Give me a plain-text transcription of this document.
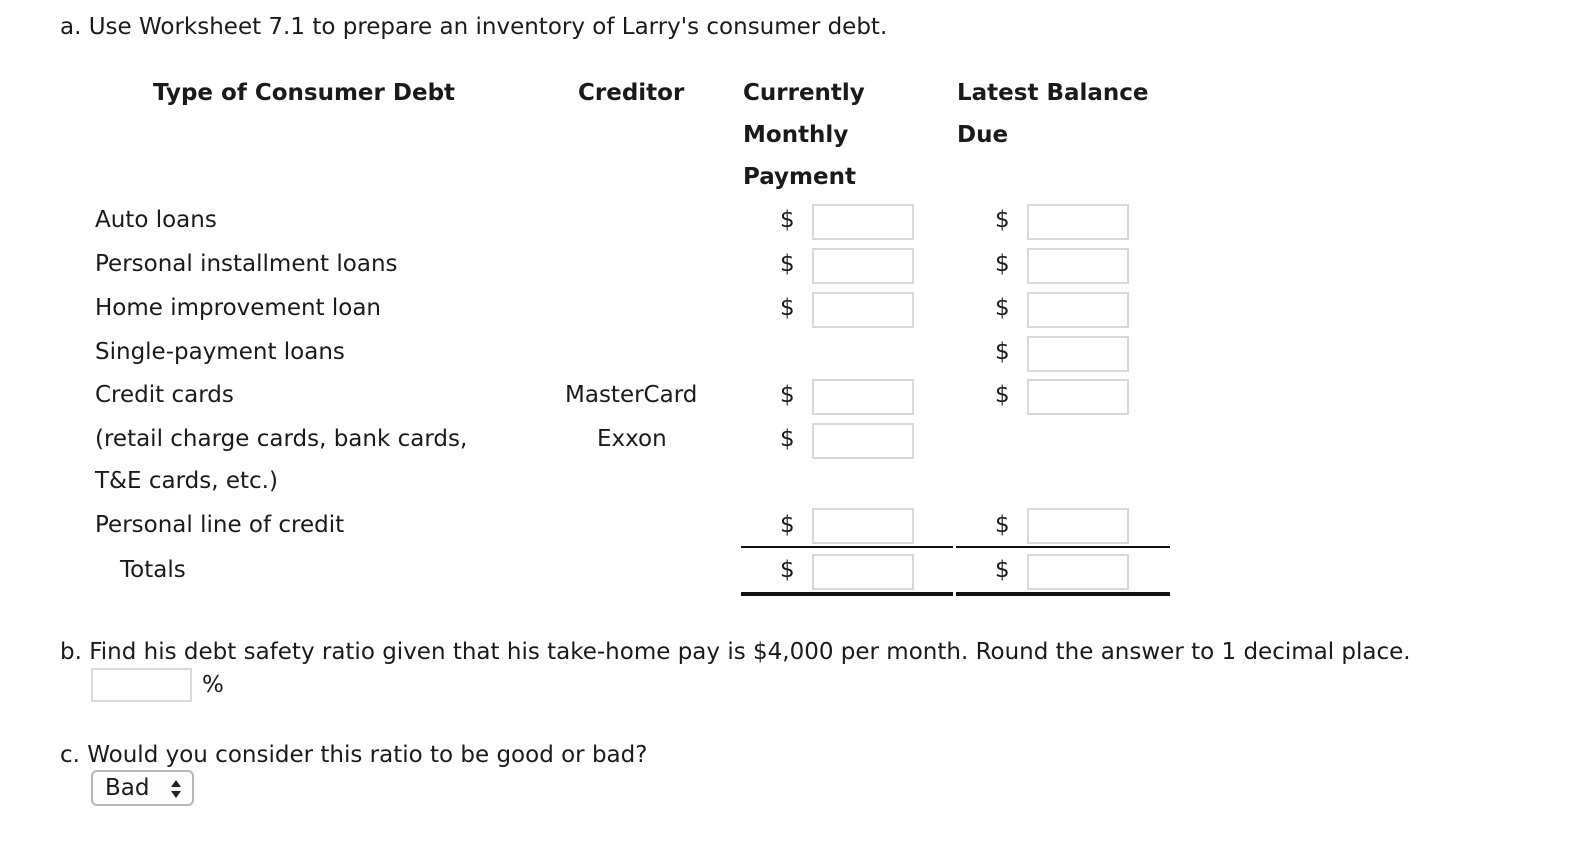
a. Use Worksheet 7.1 to prepare an inventory of Larry's consumer debt.
Type of Consumer Debt	Creditor	Currently
Monthly
Payment
Latest Balance
Due
Auto loans
Personal installment loans
Home improvement loan
Single-payment loans
Credit cards
(retail charge cards, bank cards,
T&E cards, etc.)
Personal line of credit
Totals
MasterCard
Exxon
$
$
$
$
$
$
$
$
$
$
$
$
$
$
b. Find his debt safety ratio given that his take-home pay is $4,000 per month. Round the answer to 1 decimal place.
%
c. Would you consider this ratio to be good or bad?
Bad
